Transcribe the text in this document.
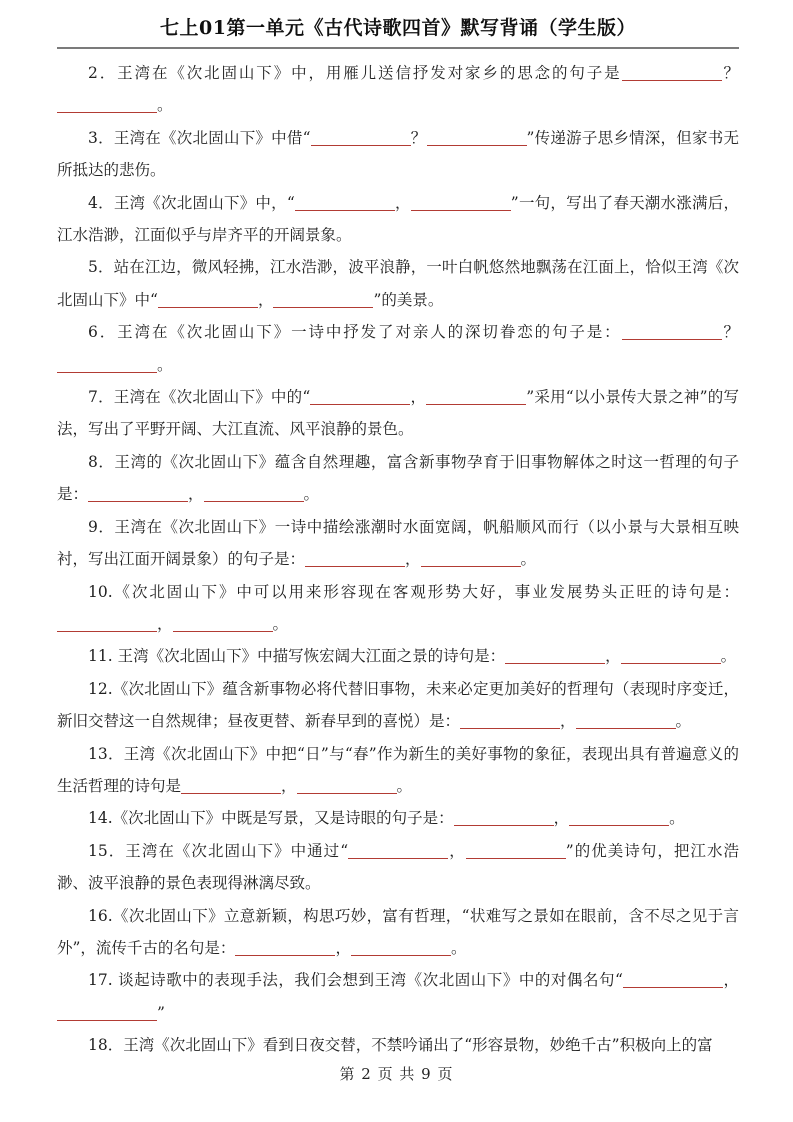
七上01第一单元《古代诗歌四首》默写背诵（学生版）

2．王湾在《次北固山下》中，用雁儿送信抒发对家乡的思念的句子是	？。

3．王湾在《次北固山下》中借“	？	”传递游子思乡情深，但家书无所抵达的悲伤。

4．王湾《次北固山下》中，“	，	”一句，写出了春天潮水涨满后，江水浩渺，江面似乎与岸齐平的开阔景象。

5．站在江边，微风轻拂，江水浩渺，波平浪静，一叶白帆悠然地飘荡在江面上，恰似王湾《次北固山下》中“	，	”的美景。

6．王湾在《次北固山下》一诗中抒发了对亲人的深切眷恋的句子是：	？。

7．王湾在《次北固山下》中的“	，	”采用“以小景传大景之神”的写法，写出了平野开阔、大江直流、风平浪静的景色。

8．王湾的《次北固山下》蕴含自然理趣，富含新事物孕育于旧事物解体之时这一哲理的句子是：	，	。

9．王湾在《次北固山下》一诗中描绘涨潮时水面宽阔，帆船顺风而行（以小景与大景相互映衬，写出江面开阔景象）的句子是：	，	。

10.《次北固山下》中可以用来形容现在客观形势大好，事业发展势头正旺的诗句是：，	。

11. 王湾《次北固山下》中描写恢宏阔大江面之景的诗句是：	，	。

12.《次北固山下》蕴含新事物必将代替旧事物，未来必定更加美好的哲理句（表现时序变迁，新旧交替这一自然规律；昼夜更替、新春早到的喜悦）是：	，	。

13．王湾《次北固山下》中把“日”与“春”作为新生的美好事物的象征，表现出具有普遍意义的生活哲理的诗句是	，	。

14.《次北固山下》中既是写景，又是诗眼的句子是：	，	。

15．王湾在《次北固山下》中通过“	，	”的优美诗句，把江水浩渺、波平浪静的景色表现得淋漓尽致。

16.《次北固山下》立意新颖，构思巧妙，富有哲理，“状难写之景如在眼前，含不尽之见于言外”，流传千古的名句是：	，	。

17. 谈起诗歌中的表现手法，我们会想到王湾《次北固山下》中的对偶名句“	，”

18．王湾《次北固山下》看到日夜交替，不禁吟诵出了“形容景物，妙绝千古”积极向上的富

第 2 页 共 9 页
